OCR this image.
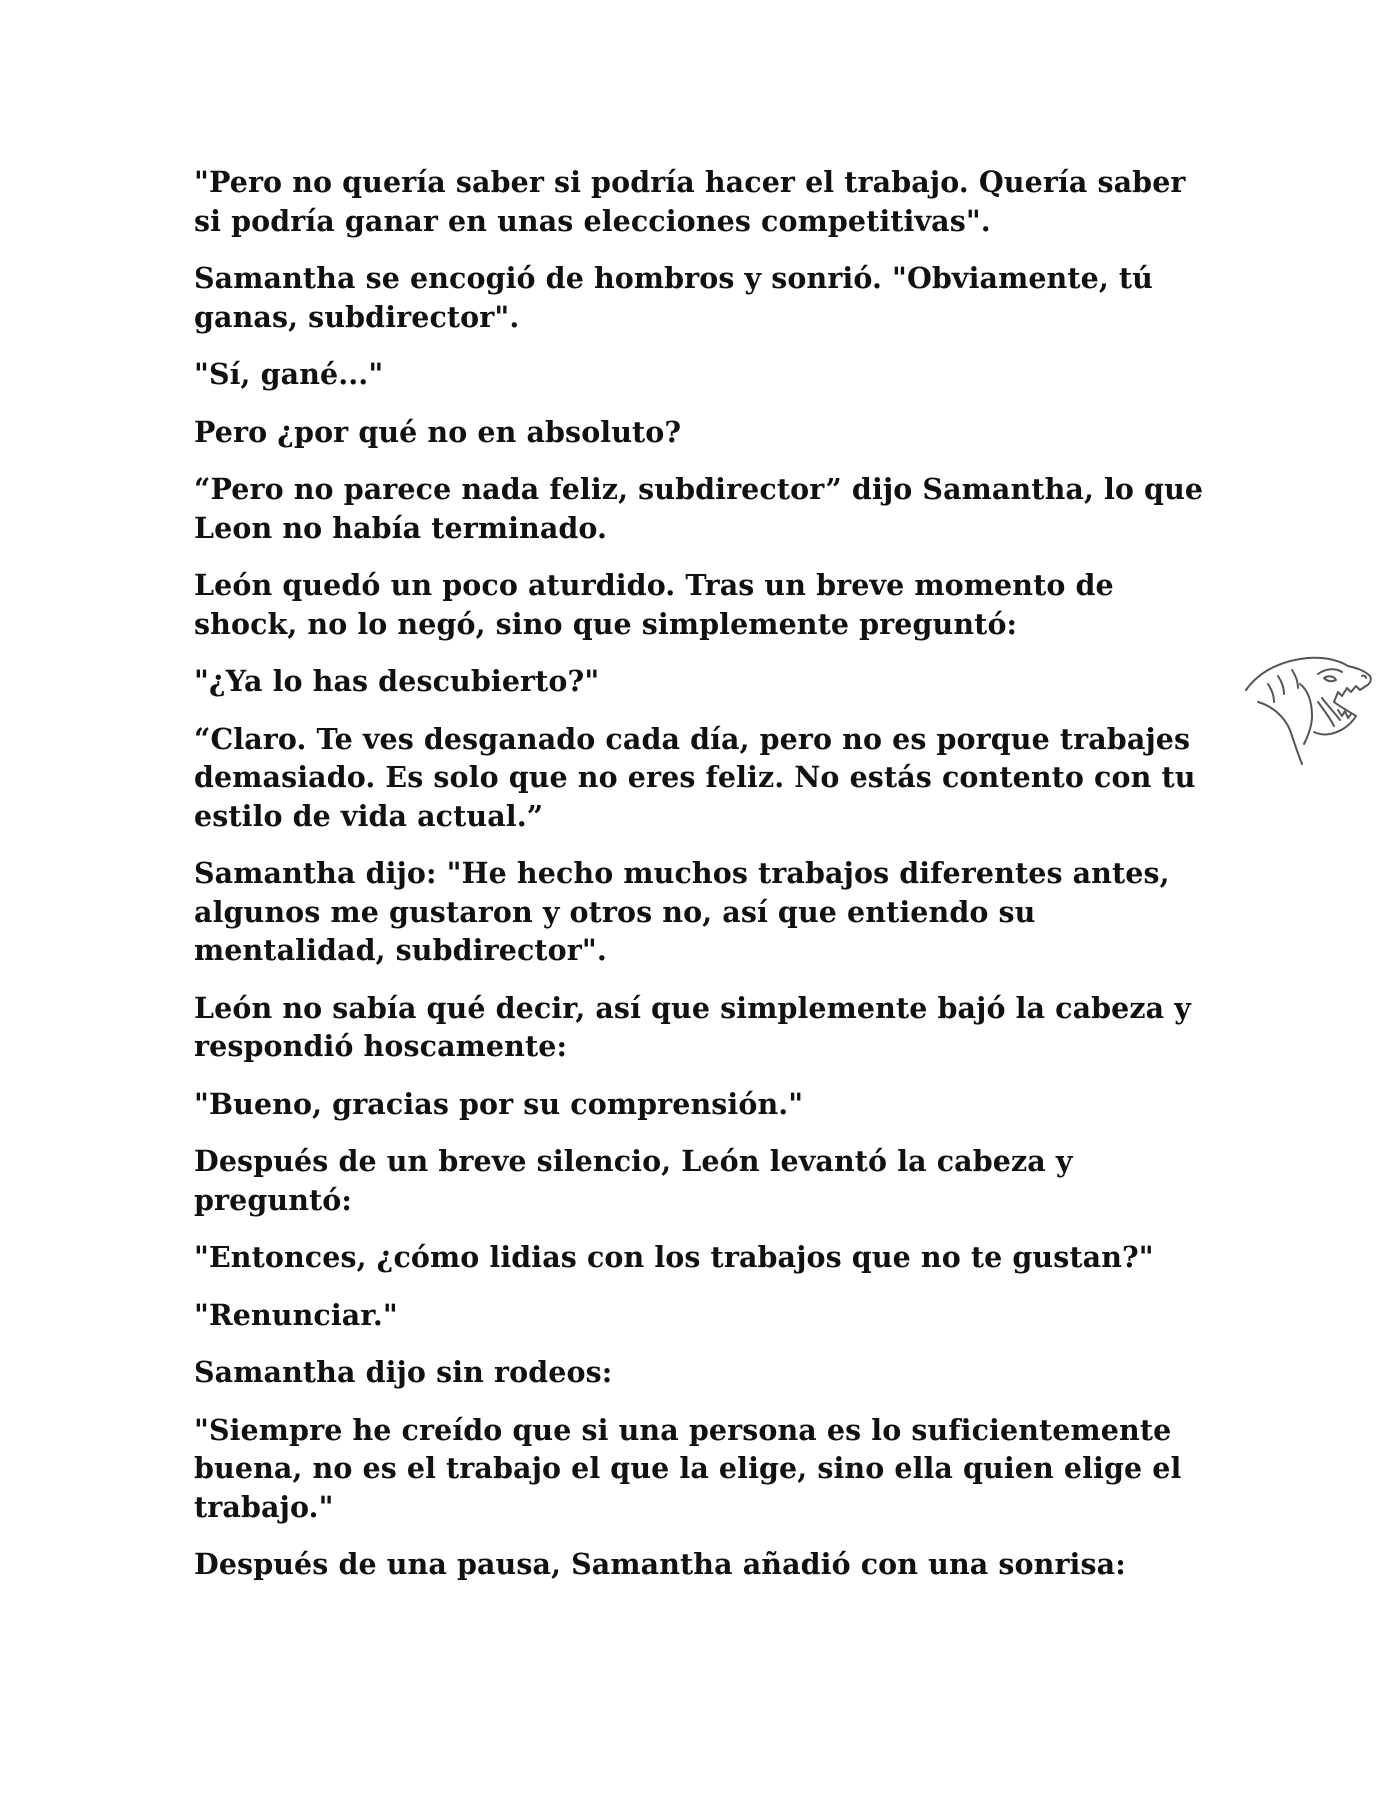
"Pero no quería saber si podría hacer el trabajo. Quería saber
si podría ganar en unas elecciones competitivas".

Samantha se encogió de hombros y sonrió. "Obviamente, tú
ganas, subdirector".

"Sí, gané..."

Pero ¿por qué no en absoluto?

“Pero no parece nada feliz, subdirector” dijo Samantha, lo que
Leon no había terminado.

León quedó un poco aturdido. Tras un breve momento de
shock, no lo negó, sino que simplemente preguntó:

"¿Ya lo has descubierto?"

“Claro. Te ves desganado cada día, pero no es porque trabajes
demasiado. Es solo que no eres feliz. No estás contento con tu
estilo de vida actual.”

Samantha dijo: "He hecho muchos trabajos diferentes antes,
algunos me gustaron y otros no, así que entiendo su
mentalidad, subdirector".

León no sabía qué decir, así que simplemente bajó la cabeza y
respondió hoscamente:

"Bueno, gracias por su comprensión."

Después de un breve silencio, León levantó la cabeza y
preguntó:

"Entonces, ¿cómo lidias con los trabajos que no te gustan?"

"Renunciar."

Samantha dijo sin rodeos:

"Siempre he creído que si una persona es lo suficientemente
buena, no es el trabajo el que la elige, sino ella quien elige el
trabajo."

Después de una pausa, Samantha añadió con una sonrisa:
